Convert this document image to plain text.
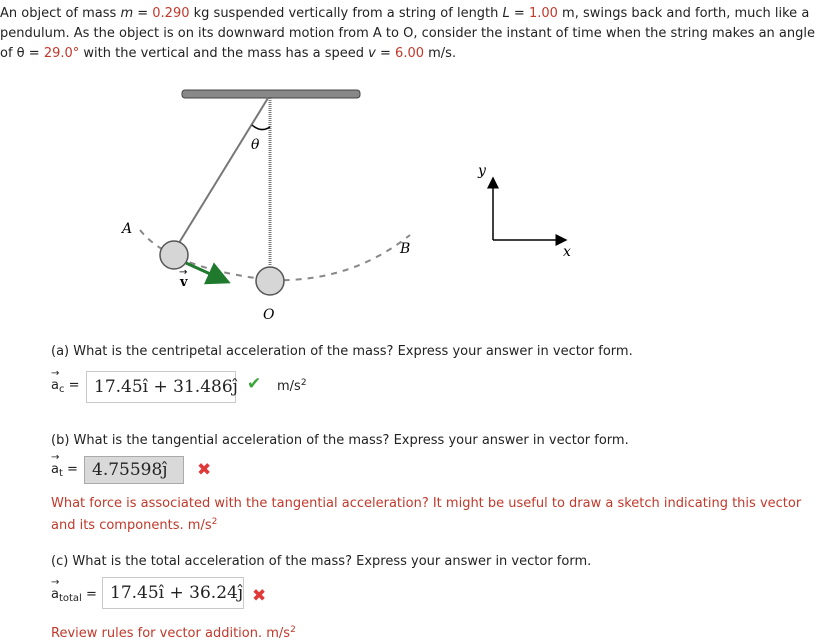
An object of mass m = 0.290 kg suspended vertically from a string of length L = 1.00 m, swings back and forth, much like a pendulum. As the object is on its downward motion from A to O, consider the instant of time when the string makes an angle of θ = 29.0° with the vertical and the mass has a speed v = 6.00 m/s.
θ
v
→
A
B
O
y
x
(a) What is the centripetal acceleration of the mass? Express your answer in vector form.
→ $a_c$ = 17.45î + 31.486ĵ ✔ $m/s^2$
(b) What is the tangential acceleration of the mass? Express your answer in vector form.
→ $a_t$ = 4.75598ĵ	✖
What force is associated with the tangential acceleration? It might be useful to draw a sketch indicating this vector and its components. $m/s^2$
(c) What is the total acceleration of the mass? Express your answer in vector form.
→ $a_{total}$ = 17.45î + 36.24ĵ ✖
Review rules for vector addition. $m/s^2$
